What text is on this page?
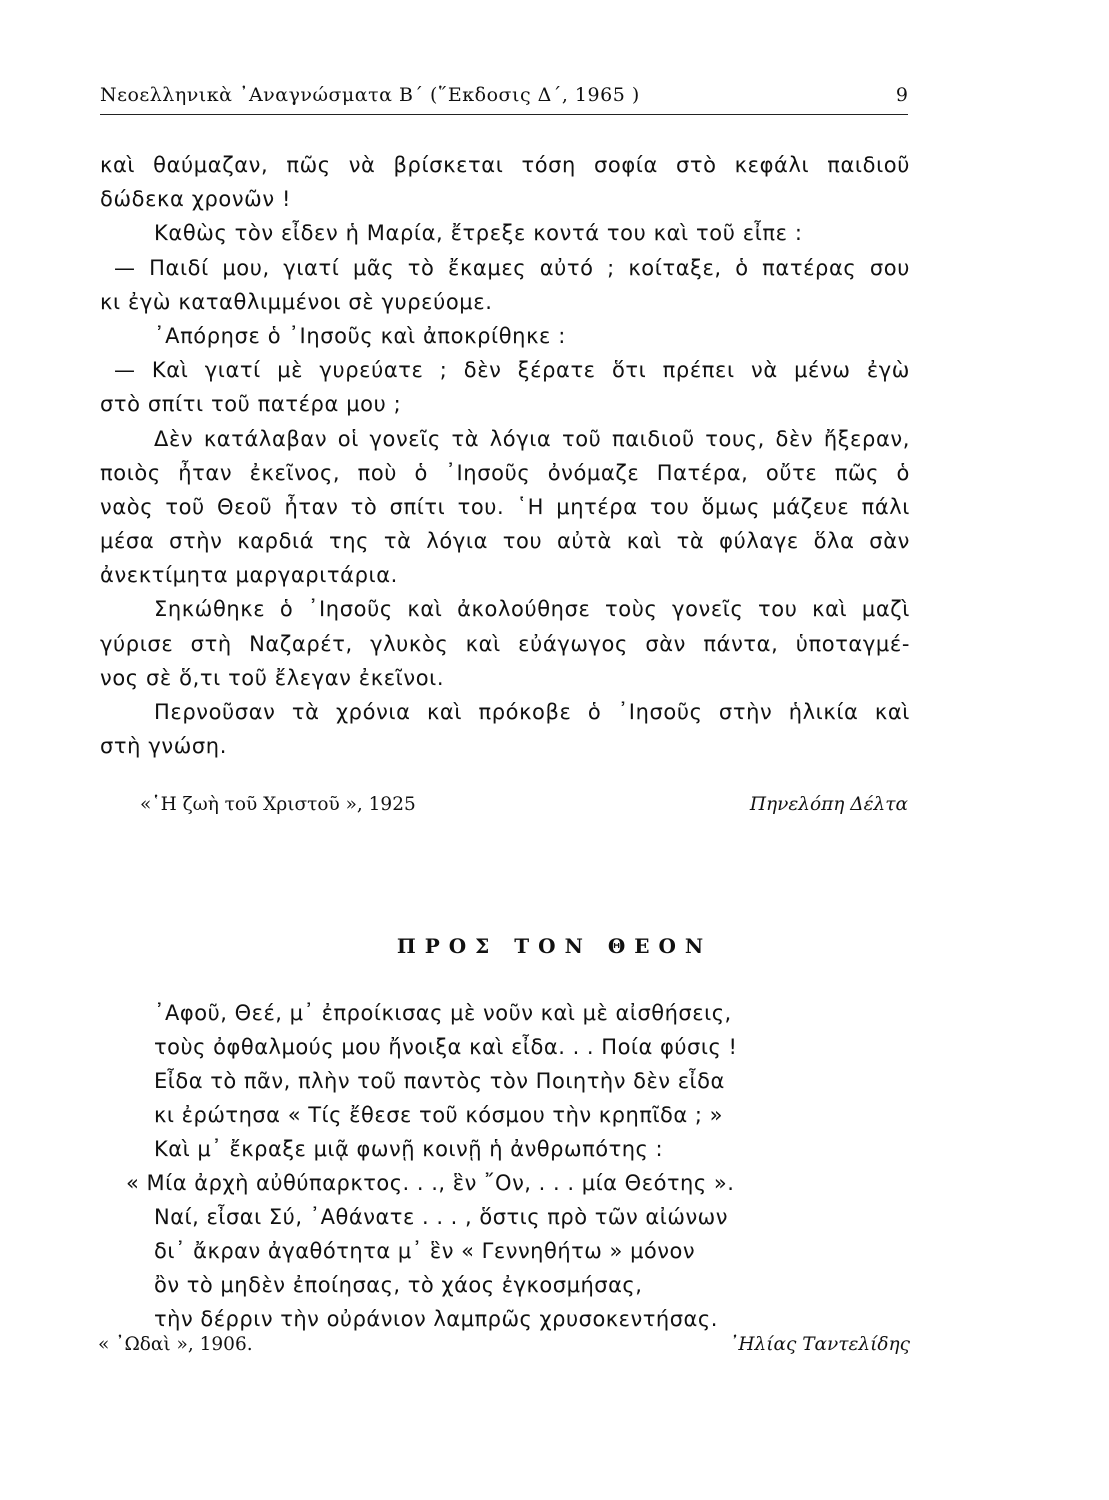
Νεοελληνικὰ ᾿Αναγνώσματα Β΄ (῞Εκδοσις Δ΄, 1965 )	9
καὶ θαύμαζαν, πῶς νὰ βρίσκεται τόση σοφία στὸ κεφάλι παιδιοῦ
δώδεκα χρονῶν !
Καθὼς τὸν εἶδεν ἡ Μαρία, ἔτρεξε κοντά του καὶ τοῦ εἶπε :
— Παιδί μου, γιατί μᾶς τὸ ἔκαμες αὐτό ; κοίταξε, ὁ πατέρας σου
κι ἐγὼ καταθλιμμένοι σὲ γυρεύομε.
᾿Απόρησε ὁ ᾿Ιησοῦς καὶ ἀποκρίθηκε :
— Καὶ γιατί μὲ γυρεύατε ; δὲν ξέρατε ὅτι πρέπει νὰ μένω ἐγὼ
στὸ σπίτι τοῦ πατέρα μου ;
Δὲν κατάλαβαν οἱ γονεῖς τὰ λόγια τοῦ παιδιοῦ τους, δὲν ἤξεραν,
ποιὸς ἦταν ἐκεῖνος, ποὺ ὁ ᾿Ιησοῦς ὀνόμαζε Πατέρα, οὔτε πῶς ὁ
ναὸς τοῦ Θεοῦ ἦταν τὸ σπίτι του. ῾Η μητέρα του ὅμως μάζευε πάλι
μέσα στὴν καρδιά της τὰ λόγια του αὐτὰ καὶ τὰ φύλαγε ὅλα σὰν
ἀνεκτίμητα μαργαριτάρια.
Σηκώθηκε ὁ ᾿Ιησοῦς καὶ ἀκολούθησε τοὺς γονεῖς του καὶ μαζὶ
γύρισε στὴ Ναζαρέτ, γλυκὸς καὶ εὐάγωγος σὰν πάντα, ὑποταγμέ-
νος σὲ ὅ,τι τοῦ ἔλεγαν ἐκεῖνοι.
Περνοῦσαν τὰ χρόνια καὶ πρόκοβε ὁ ᾿Ιησοῦς στὴν ἡλικία καὶ
στὴ γνώση.
«῾Η ζωὴ τοῦ Χριστοῦ », 1925	Πηνελόπη Δέλτα
ΠΡΟΣ ΤΟΝ ΘΕΟΝ
᾿Αφοῦ, Θεέ, μ᾿ ἐπροίκισας μὲ νοῦν καὶ μὲ αἰσθήσεις,
τοὺς ὀφθαλμούς μου ἤνοιξα καὶ εἶδα. . . Ποία φύσις !
Εἶδα τὸ πᾶν, πλὴν τοῦ παντὸς τὸν Ποιητὴν δὲν εἶδα
κι ἐρώτησα « Τίς ἔθεσε τοῦ κόσμου τὴν κρηπῖδα ; »
Καὶ μ᾿ ἔκραξε μιᾷ φωνῇ κοινῇ ἡ ἀνθρωπότης :
« Μία ἀρχὴ αὐθύπαρκτος. . ., ἓν ῎Ον, . . . μία Θεότης ».
Ναί, εἶσαι Σύ, ᾿Αθάνατε . . . , ὅστις πρὸ τῶν αἰώνων
δι᾿ ἄκραν ἀγαθότητα μ᾿ ἓν « Γεννηθήτω » μόνον
ὂν τὸ μηδὲν ἐποίησας, τὸ χάος ἐγκοσμήσας,
τὴν δέρριν τὴν οὐράνιον λαμπρῶς χρυσοκεντήσας.
« ᾿Ωδαὶ », 1906.	᾿Ηλίας Ταντελίδης
